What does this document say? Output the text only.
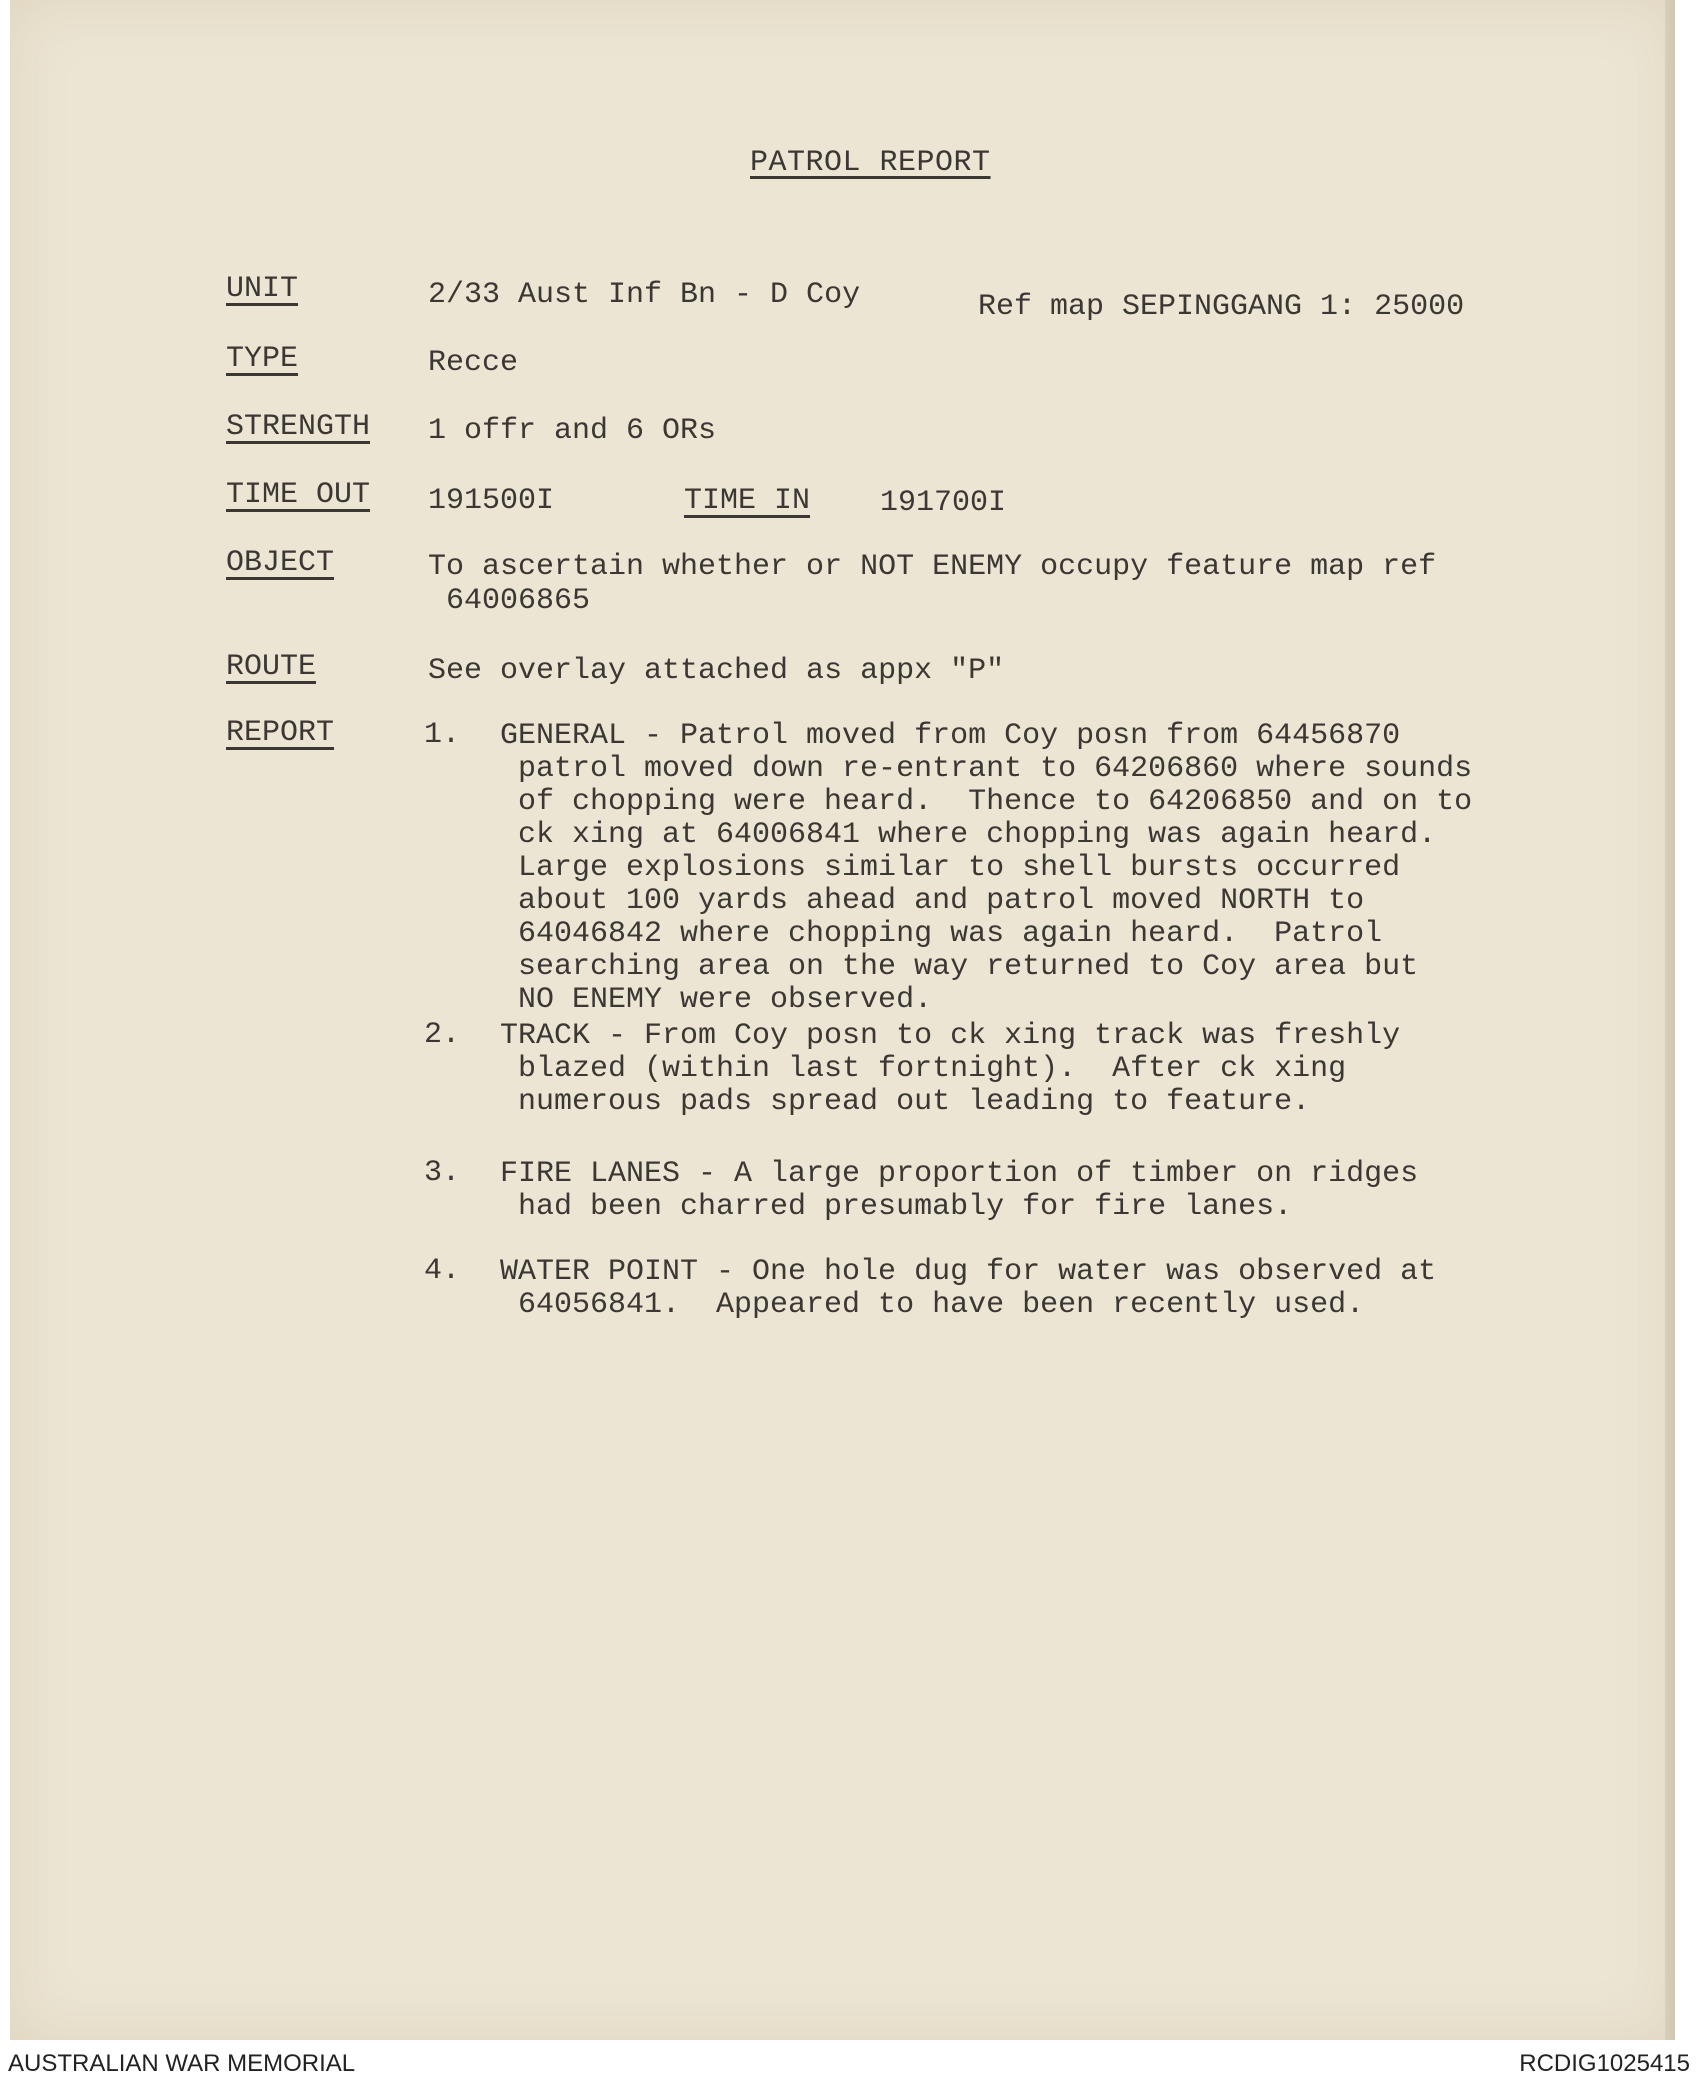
PATROL REPORT
UNIT	2/33 Aust Inf Bn - D Coy	Ref map SEPINGGANG 1: 25000
TYPE	Recce
STRENGTH 1 offr and 6 ORs
TIME OUT 191500I	TIME IN 191700I
OBJECT	To ascertain whether or NOT ENEMY occupy feature map ref
64006865
ROUTE	See overlay attached as appx "P"
REPORT	1. GENERAL - Patrol moved from Coy posn from 64456870
patrol moved down re-entrant to 64206860 where sounds
of chopping were heard.  Thence to 64206850 and on to
ck xing at 64006841 where chopping was again heard.
Large explosions similar to shell bursts occurred
about 100 yards ahead and patrol moved NORTH to
64046842 where chopping was again heard.  Patrol
searching area on the way returned to Coy area but
NO ENEMY were observed.
2. TRACK - From Coy posn to ck xing track was freshly
blazed (within last fortnight).  After ck xing
numerous pads spread out leading to feature.
3. FIRE LANES - A large proportion of timber on ridges
had been charred presumably for fire lanes.
4. WATER POINT - One hole dug for water was observed at
64056841.  Appeared to have been recently used.
AUSTRALIAN WAR MEMORIAL	RCDIG1025415
